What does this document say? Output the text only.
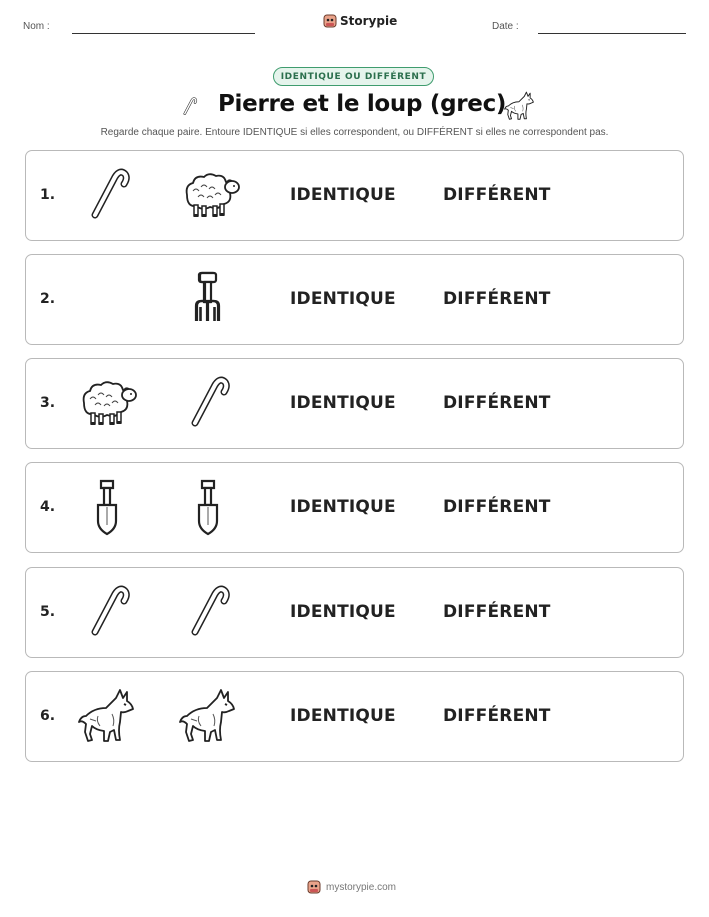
Nom :	Storypie	Date :
IDENTIQUE OU DIFFÉRENT
Pierre et le loup (grec)
Regarde chaque paire. Entoure IDENTIQUE si elles correspondent, ou DIFFÉRENT si elles ne correspondent pas.
1.	IDENTIQUE	DIFFÉRENT
2.	IDENTIQUE	DIFFÉRENT
3.	IDENTIQUE	DIFFÉRENT
4.	IDENTIQUE	DIFFÉRENT
5.	IDENTIQUE	DIFFÉRENT
6.	IDENTIQUE	DIFFÉRENT
mystorypie.com
